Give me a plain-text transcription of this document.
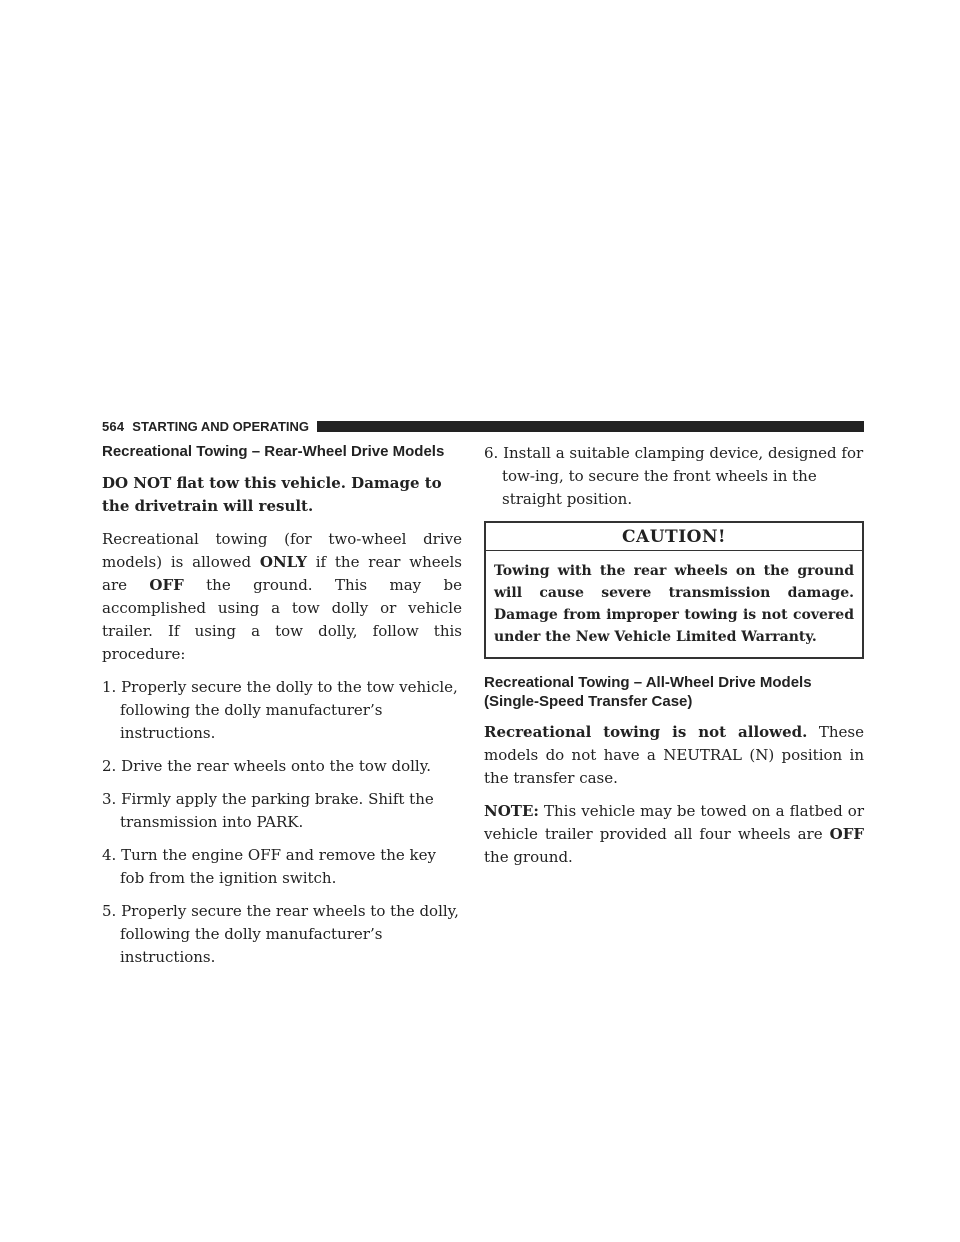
564 STARTING AND OPERATING
Recreational Towing – Rear-Wheel Drive Models

DO NOT flat tow this vehicle. Damage to the drivetrain will result.

Recreational towing (for two-wheel drive models) is allowed ONLY if the rear wheels are OFF the ground. This may be accomplished using a tow dolly or vehicle trailer. If using a tow dolly, follow this procedure:

1. Properly secure the dolly to the tow vehicle, following the dolly manufacturer’s instructions.
2. Drive the rear wheels onto the tow dolly.
3. Firmly apply the parking brake. Shift the transmission into PARK.
4. Turn the engine OFF and remove the key fob from the ignition switch.
5. Properly secure the rear wheels to the dolly, following the dolly manufacturer’s instructions.
6. Install a suitable clamping device, designed for tow-ing, to secure the front wheels in the straight position.
CAUTION!
Towing with the rear wheels on the ground will cause severe transmission damage. Damage from improper towing is not covered under the New Vehicle Limited Warranty.
Recreational Towing – All-Wheel Drive Models
(Single-Speed Transfer Case)

Recreational towing is not allowed. These models do not have a NEUTRAL (N) position in the transfer case.

NOTE: This vehicle may be towed on a flatbed or vehicle trailer provided all four wheels are OFF the ground.
